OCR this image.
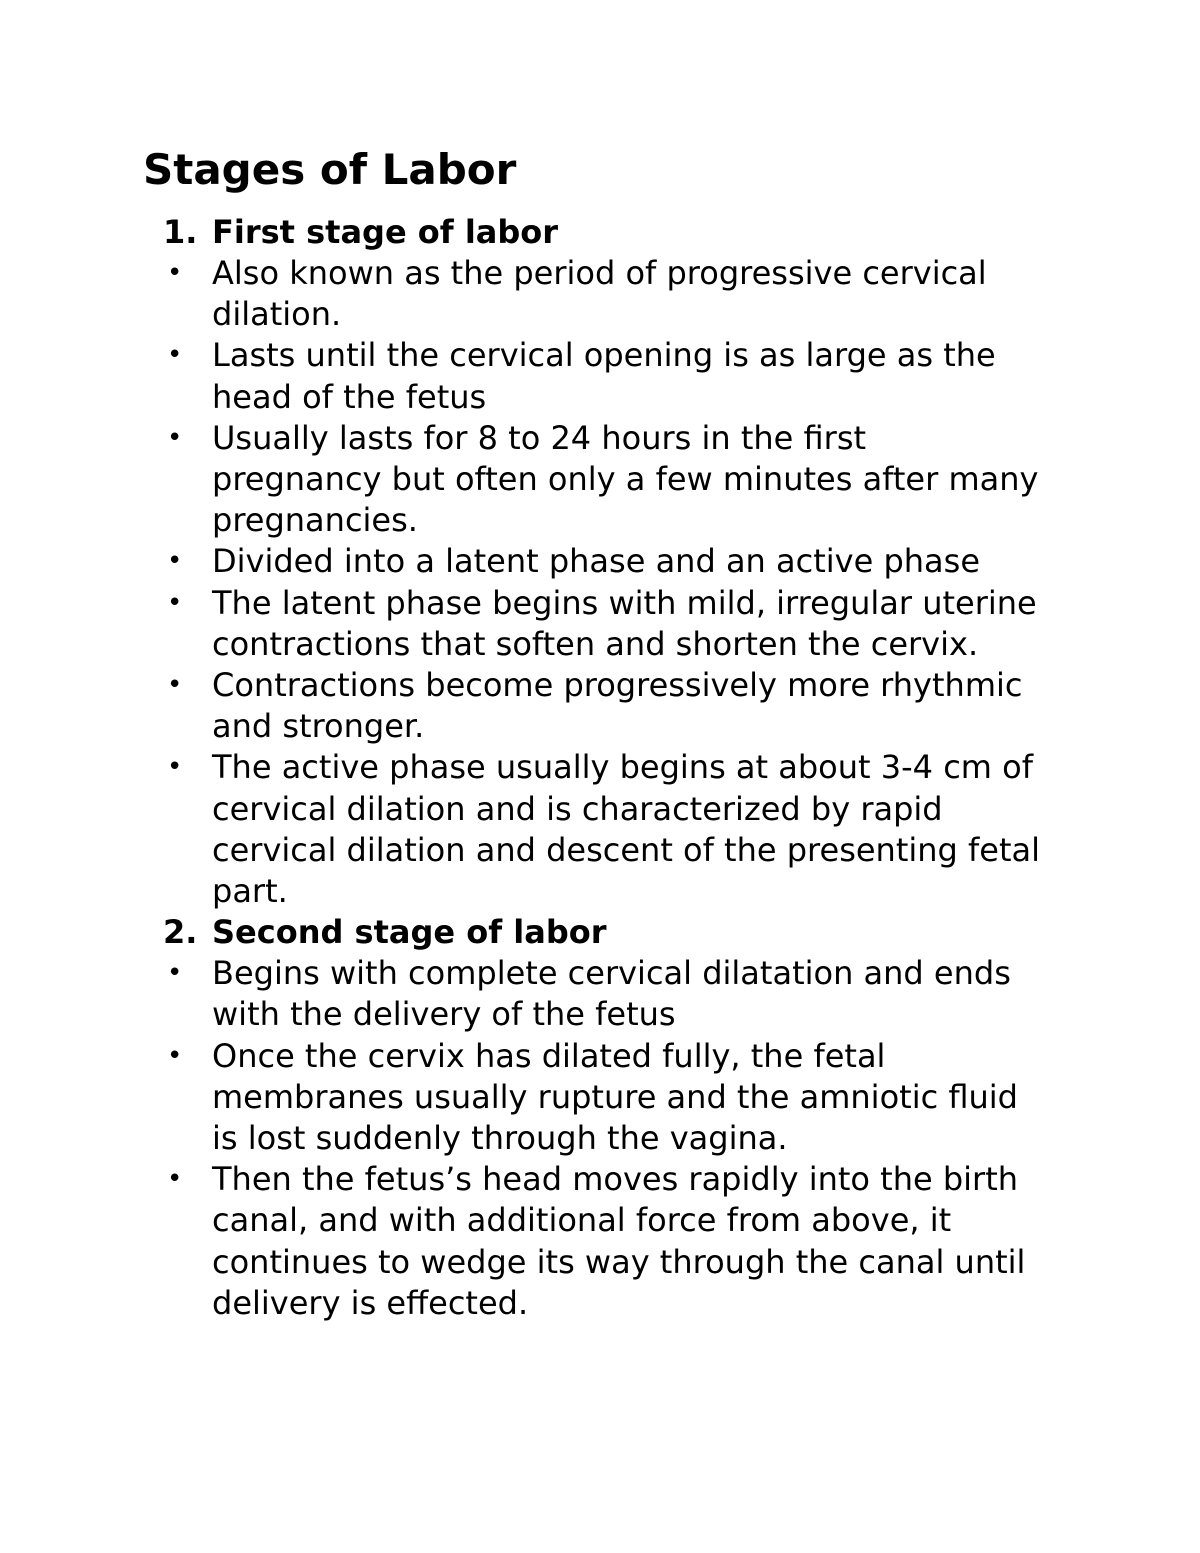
Stages of Labor
1. First stage of labor
• Also known as the period of progressive cervical dilation.
• Lasts until the cervical opening is as large as the head of the fetus
• Usually lasts for 8 to 24 hours in the first pregnancy but often only a few minutes after many pregnancies.
• Divided into a latent phase and an active phase
• The latent phase begins with mild, irregular uterine contractions that soften and shorten the cervix.
• Contractions become progressively more rhythmic and stronger.
• The active phase usually begins at about 3-4 cm of cervical dilation and is characterized by rapid cervical dilation and descent of the presenting fetal part.
2. Second stage of labor
• Begins with complete cervical dilatation and ends with the delivery of the fetus
• Once the cervix has dilated fully, the fetal membranes usually rupture and the amniotic fluid is lost suddenly through the vagina.
• Then the fetus’s head moves rapidly into the birth canal, and with additional force from above, it continues to wedge its way through the canal until delivery is effected.
